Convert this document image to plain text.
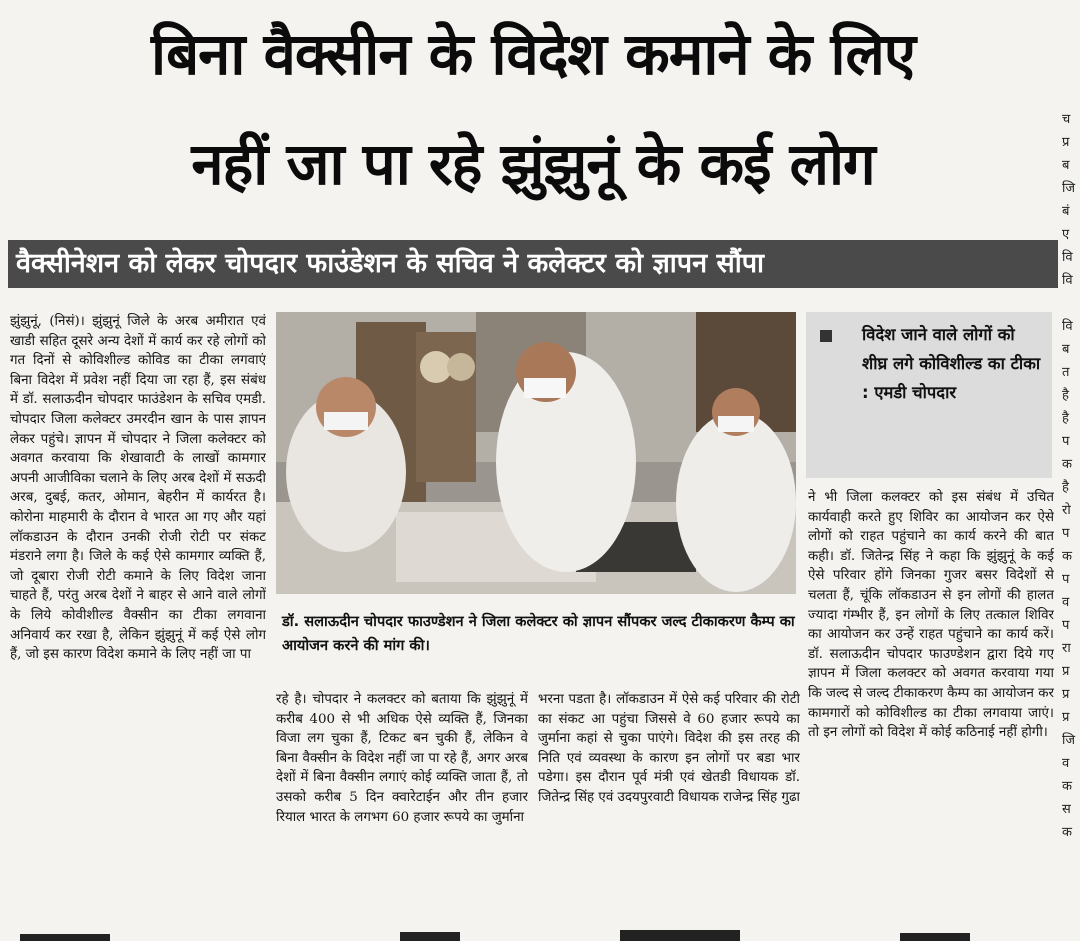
बिना वैक्सीन के विदेश कमाने के लिए
नहीं जा पा रहे झुंझुनूं के कई लोग
वैक्सीनेशन को लेकर चोपदार फाउंडेशन के सचिव ने कलेक्टर को ज्ञापन सौंपा

झुंझुनूं, (निसं)। झुंझुनूं जिले के अरब अमीरात एवं खाडी सहित दूसरे अन्य देशों में कार्य कर रहे लोगों को गत दिनों से कोविशील्ड कोविड का टीका लगवाएं बिना विदेश में प्रवेश नहीं दिया जा रहा हैं, इस संबंध में डॉ. सलाऊदीन चोपदार फाउंडेशन के सचिव एमडी. चोपदार जिला कलेक्टर उमरदीन खान के पास ज्ञापन लेकर पहुंचे। ज्ञापन में चोपदार ने जिला कलेक्टर को अवगत करवाया कि शेखावाटी के लाखों कामगार अपनी आजीविका चलाने के लिए अरब देशों में सऊदी अरब, दुबई, कतर, ओमान, बेहरीन में कार्यरत है। कोरोना माहमारी के दौरान वे भारत आ गए और यहां लॉकडाउन के दौरान उनकी रोजी रोटी पर संकट मंडराने लगा है। जिले के कई ऐसे कामगार व्यक्ति हैं, जो दूबारा रोजी रोटी कमाने के लिए विदेश जाना चाहते हैं, परंतु अरब देशों ने बाहर से आने वाले लोगों के लिये कोवीशील्ड वैक्सीन का टीका लगवाना अनिवार्य कर रखा है, लेकिन झुंझुनूं में कई ऐसे लोग हैं, जो इस कारण विदेश कमाने के लिए नहीं जा पा

डॉ. सलाऊदीन चोपदार फाउण्डेशन ने जिला कलेक्टर को ज्ञापन सौंपकर जल्द टीकाकरण कैम्प का आयोजन करने की मांग की।

विदेश जाने वाले लोगों को शीघ्र लगे कोविशील्ड का टीका : एमडी चोपदार

रहे है। चोपदार ने कलक्टर को बताया कि झुंझुनूं में करीब 400 से भी अधिक ऐसे व्यक्ति हैं, जिनका विजा लग चुका हैं, टिकट बन चुकी हैं, लेकिन वे बिना वैक्सीन के विदेश नहीं जा पा रहे हैं, अगर अरब देशों में बिना वैक्सीन लगाएं कोई व्यक्ति जाता हैं, तो उसको करीब 5 दिन क्वारेटाईन और तीन हजार रियाल भारत के लगभग 60 हजार रूपये का जुर्माना

भरना पडता है। लॉकडाउन में ऐसे कई परिवार की रोटी का संकट आ पहुंचा जिससे वे 60 हजार रूपये का जुर्माना कहां से चुका पाएंगे। विदेश की इस तरह की निति एवं व्यवस्था के कारण इन लोगों पर बडा भार पडेगा। इस दौरान पूर्व मंत्री एवं खेतडी विधायक डॉ. जितेन्द्र सिंह एवं उदयपुरवाटी विधायक राजेन्द्र सिंह गुढा

ने भी जिला कलक्टर को इस संबंध में उचित कार्यवाही करते हुए शिविर का आयोजन कर ऐसे लोगों को राहत पहुंचाने का कार्य करने की बात कही। डॉ. जितेन्द्र सिंह ने कहा कि झुंझुनूं के कई ऐसे परिवार होंगे जिनका गुजर बसर विदेशों से चलता हैं, चूंकि लॉकडाउन से इन लोगों की हालत ज्यादा गंम्भीर हैं, इन लोगों के लिए तत्काल शिविर का आयोजन कर उन्हें राहत पहुंचाने का कार्य करें। डॉ. सलाऊदीन चोपदार फाउण्डेशन द्वारा दिये गए ज्ञापन में जिला कलक्टर को अवगत करवाया गया कि जल्द से जल्द टीकाकरण कैम्प का आयोजन कर कामगारों को कोविशील्ड का टीका लगवाया जाएं। तो इन लोगों को विदेश में कोई कठिनाई नहीं होगी।

च
प्र
ब
जि
बं
ए
वि
वि

वि
ब
त
है
है
प
क
है
रो
प
क
प
व
प
रा
प्र
प्र
प्र
जि
व
क
स
क
